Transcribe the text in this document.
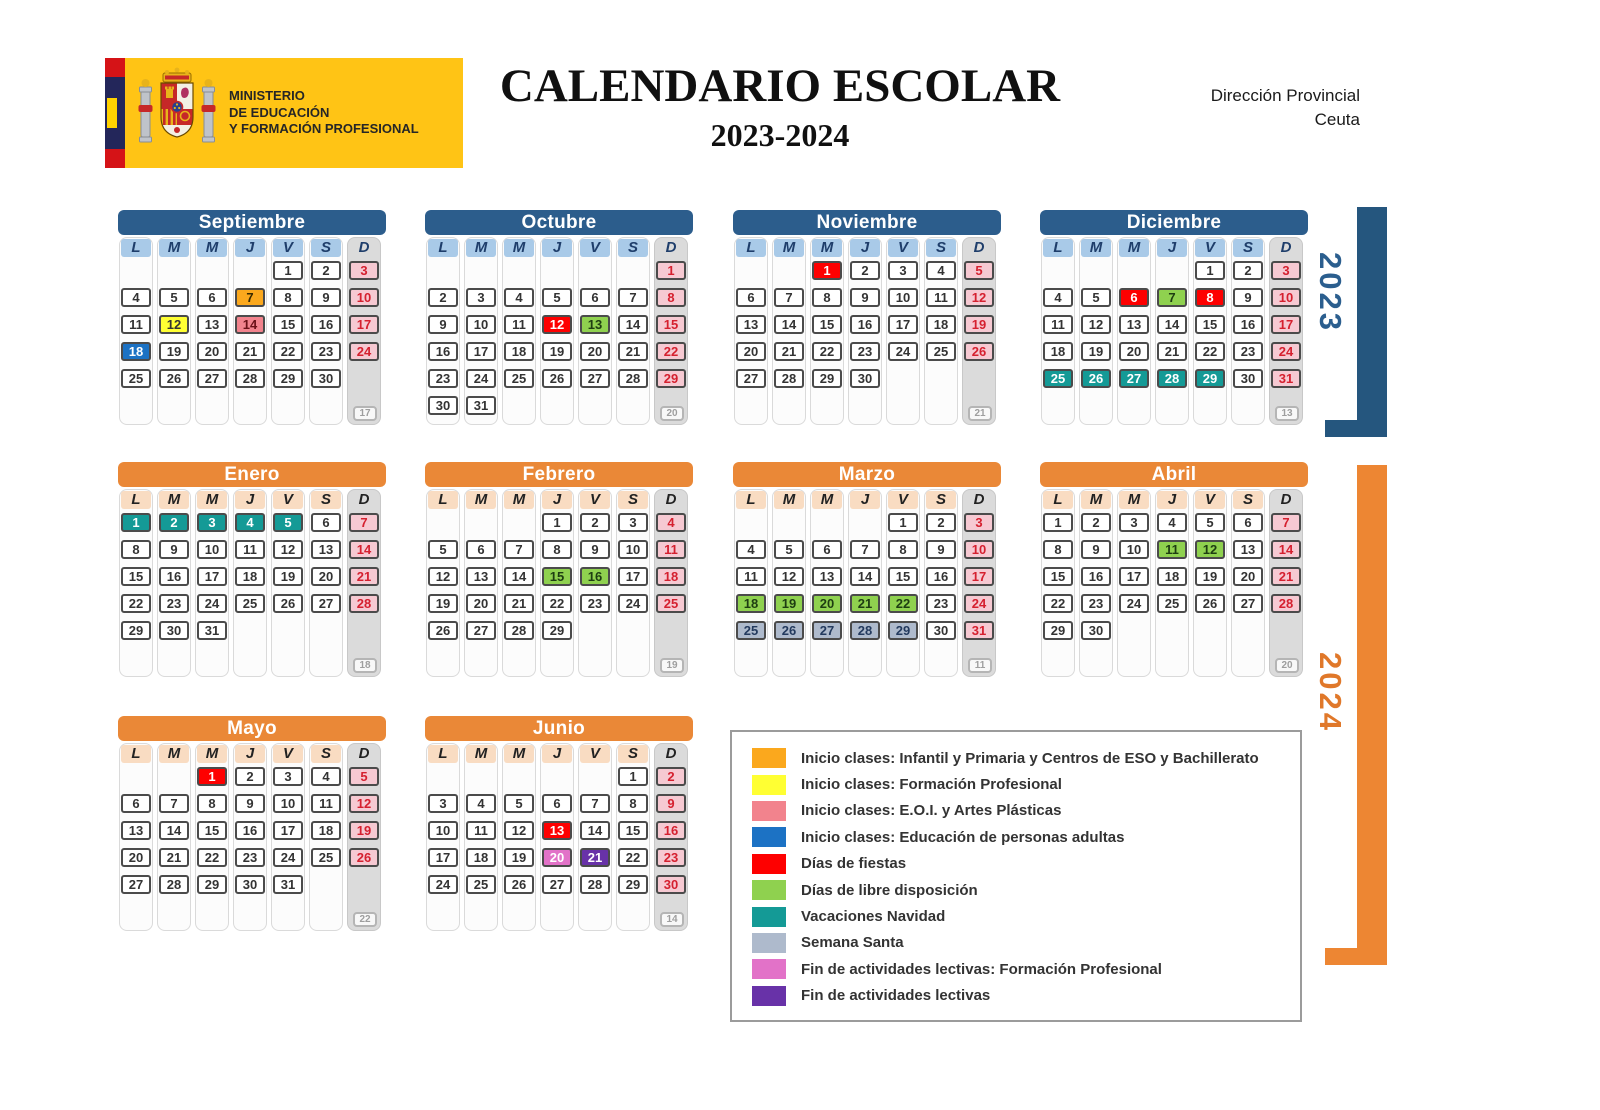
MINISTERIO
DE EDUCACIÓN
Y FORMACIÓN PROFESIONAL
CALENDARIO ESCOLAR
2023-2024
Dirección Provincial
Ceuta
2023
2024
Inicio clases: Infantil y Primaria y Centros de ESO y Bachillerato
Inicio clases: Formación Profesional
Inicio clases: E.O.I. y Artes Plásticas
Inicio clases: Educación de personas adultas
Días de fiestas
Días de libre disposición
Vacaciones Navidad
Semana Santa
Fin de actividades lectivas: Formación Profesional
Fin de actividades lectivas
Septiembre
L
4
11
18
25
M
5
12
19
26
M
6
13
20
27
J
7
14
21
28
V
1
8
15
22
29
S
2
9
16
23
30
D
3
10
17
24
17
Octubre
L
2
9
16
23
30
M
3
10
17
24
31
M
4
11
18
25
J
5
12
19
26
V
6
13
20
27
S
7
14
21
28
D
1
8
15
22
29
20
Noviembre
L
6
13
20
27
M
7
14
21
28
M
1
8
15
22
29
J
2
9
16
23
30
V
3
10
17
24
S
4
11
18
25
D
5
12
19
26
21
Diciembre
L
4
11
18
25
M
5
12
19
26
M
6
13
20
27
J
7
14
21
28
V
1
8
15
22
29
S
2
9
16
23
30
D
3
10
17
24
31
13
Enero
L
1
8
15
22
29
M
2
9
16
23
30
M
3
10
17
24
31
J
4
11
18
25
V
5
12
19
26
S
6
13
20
27
D
7
14
21
28
18
Febrero
L
5
12
19
26
M
6
13
20
27
M
7
14
21
28
J
1
8
15
22
29
V
2
9
16
23
S
3
10
17
24
D
4
11
18
25
19
Marzo
L
4
11
18
25
M
5
12
19
26
M
6
13
20
27
J
7
14
21
28
V
1
8
15
22
29
S
2
9
16
23
30
D
3
10
17
24
31
11
Abril
L
1
8
15
22
29
M
2
9
16
23
30
M
3
10
17
24
J
4
11
18
25
V
5
12
19
26
S
6
13
20
27
D
7
14
21
28
20
Mayo
L
6
13
20
27
M
7
14
21
28
M
1
8
15
22
29
J
2
9
16
23
30
V
3
10
17
24
31
S
4
11
18
25
D
5
12
19
26
22
Junio
L
3
10
17
24
M
4
11
18
25
M
5
12
19
26
J
6
13
20
27
V
7
14
21
28
S
1
8
15
22
29
D
2
9
16
23
30
14
